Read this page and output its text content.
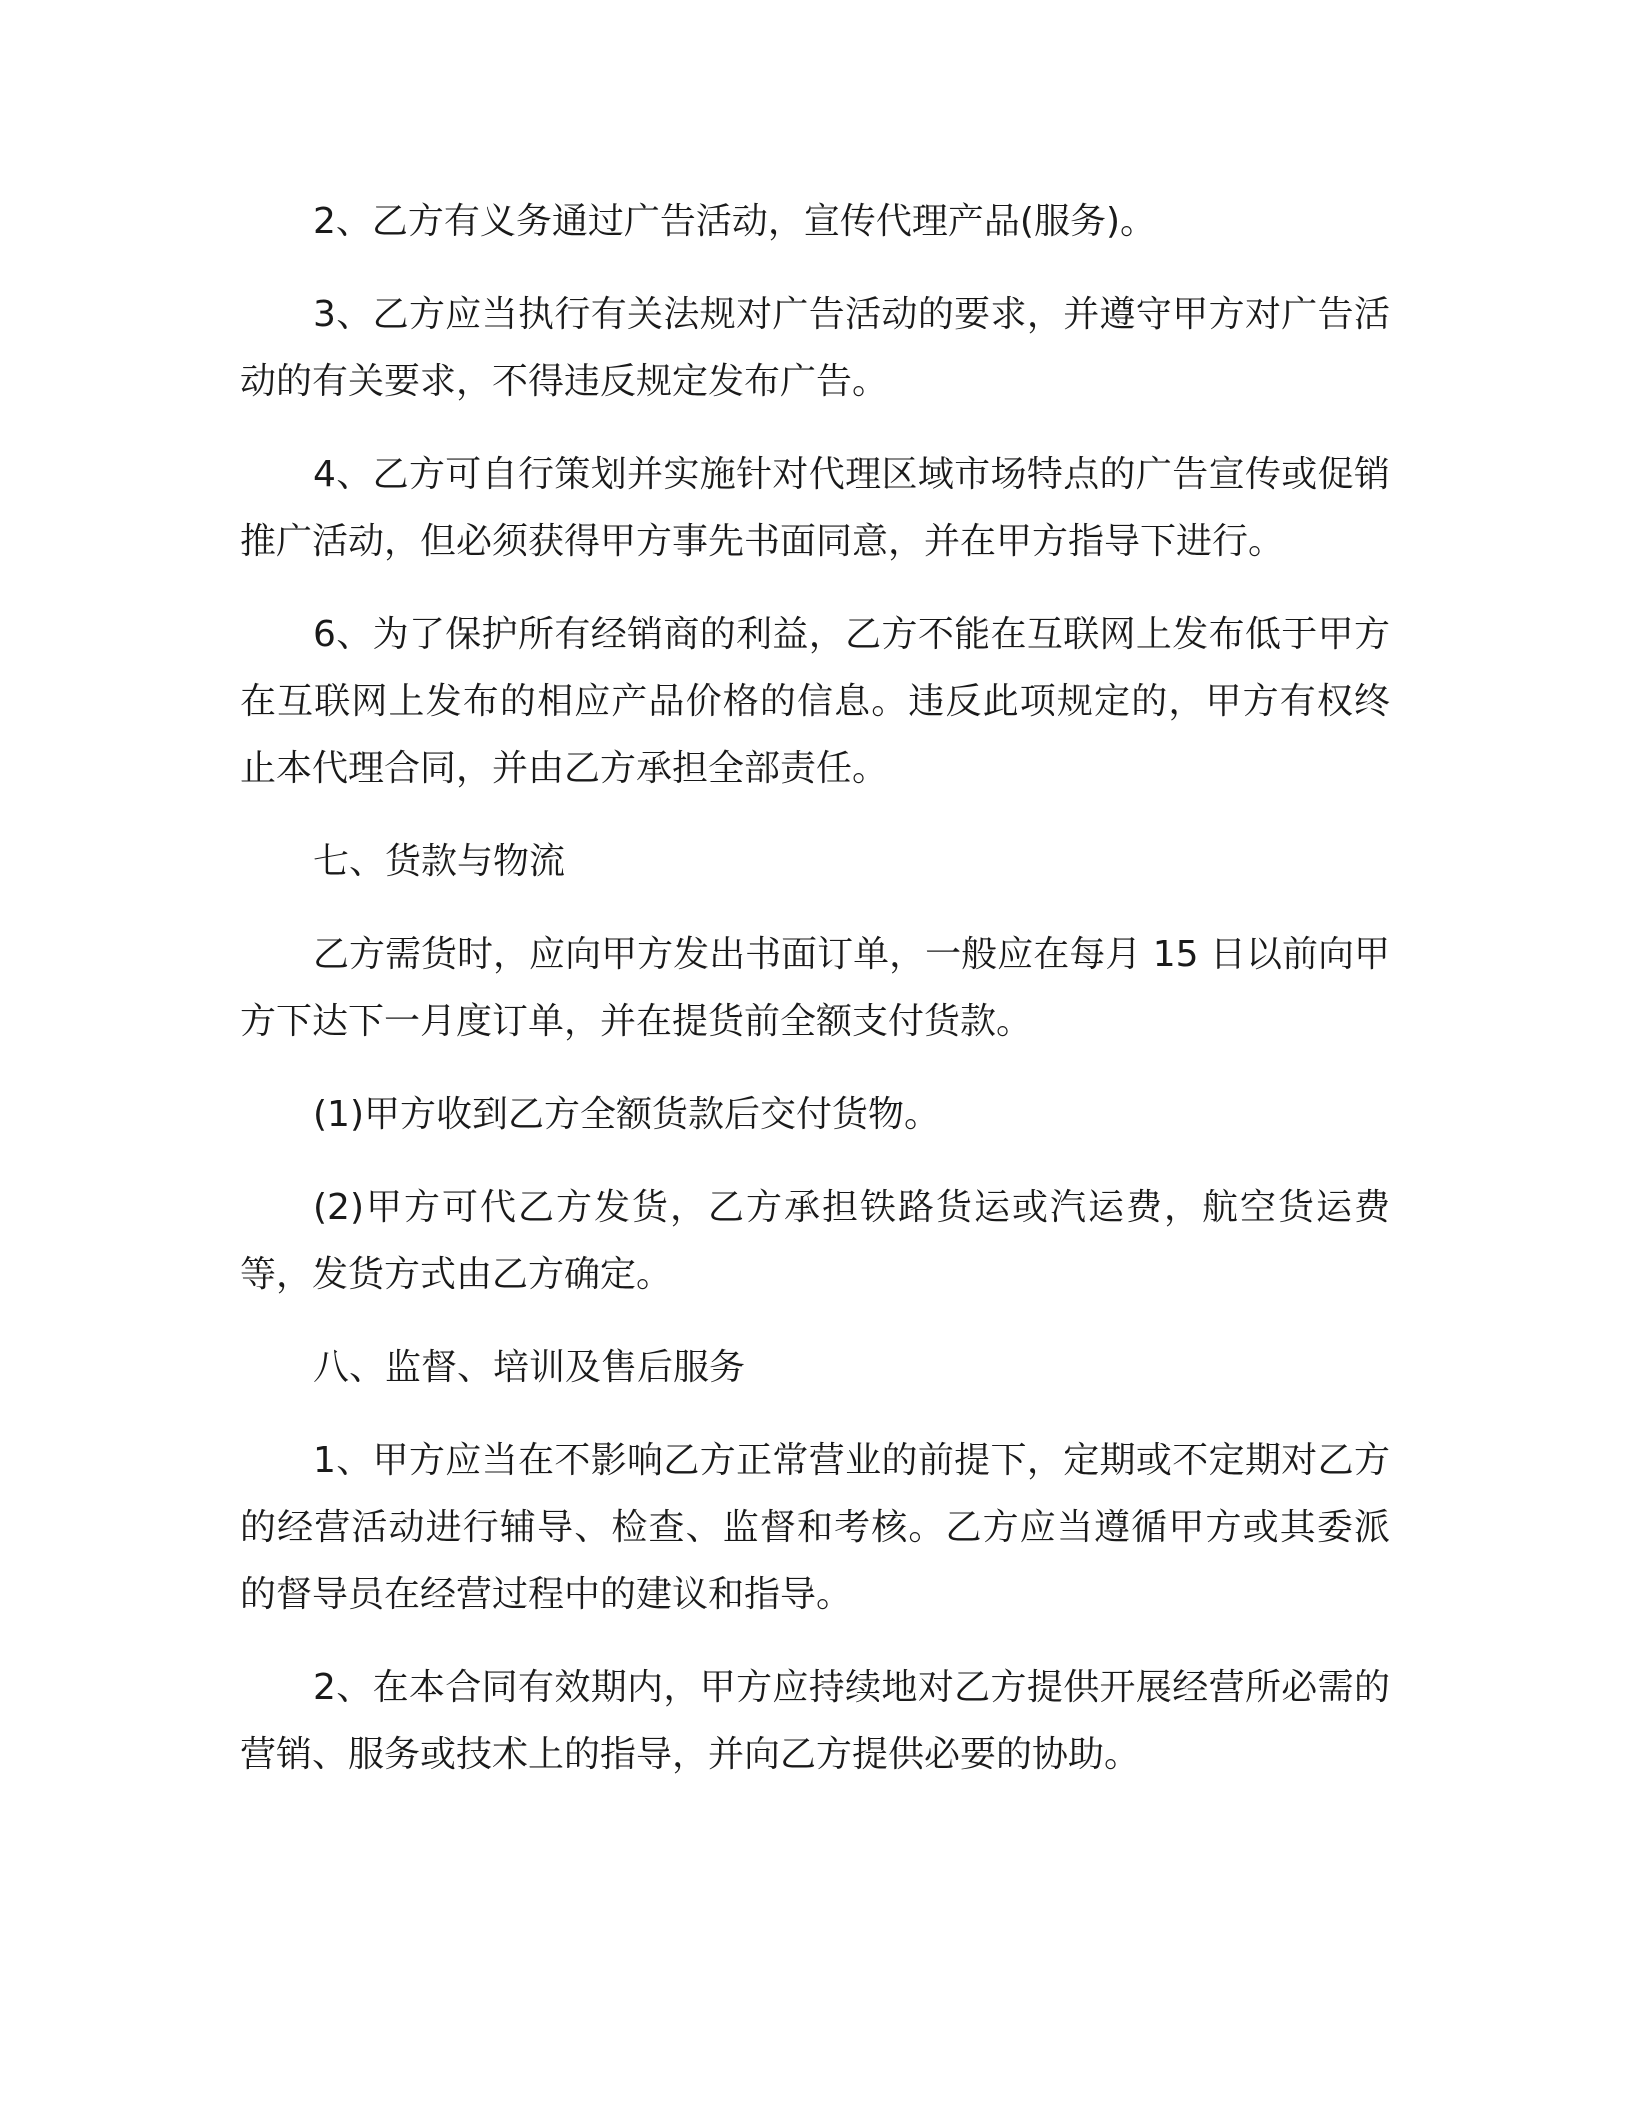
2、乙方有义务通过广告活动，宣传代理产品(服务)。

3、乙方应当执行有关法规对广告活动的要求，并遵守甲方对广告活动的有关要求，不得违反规定发布广告。

4、乙方可自行策划并实施针对代理区域市场特点的广告宣传或促销推广活动，但必须获得甲方事先书面同意，并在甲方指导下进行。

6、为了保护所有经销商的利益，乙方不能在互联网上发布低于甲方在互联网上发布的相应产品价格的信息。违反此项规定的，甲方有权终止本代理合同，并由乙方承担全部责任。

七、货款与物流

乙方需货时，应向甲方发出书面订单，一般应在每月 15 日以前向甲方下达下一月度订单，并在提货前全额支付货款。

(1)甲方收到乙方全额货款后交付货物。

(2)甲方可代乙方发货，乙方承担铁路货运或汽运费，航空货运费等，发货方式由乙方确定。

八、监督、培训及售后服务

1、甲方应当在不影响乙方正常营业的前提下，定期或不定期对乙方的经营活动进行辅导、检查、监督和考核。乙方应当遵循甲方或其委派的督导员在经营过程中的建议和指导。

2、在本合同有效期内，甲方应持续地对乙方提供开展经营所必需的营销、服务或技术上的指导，并向乙方提供必要的协助。
